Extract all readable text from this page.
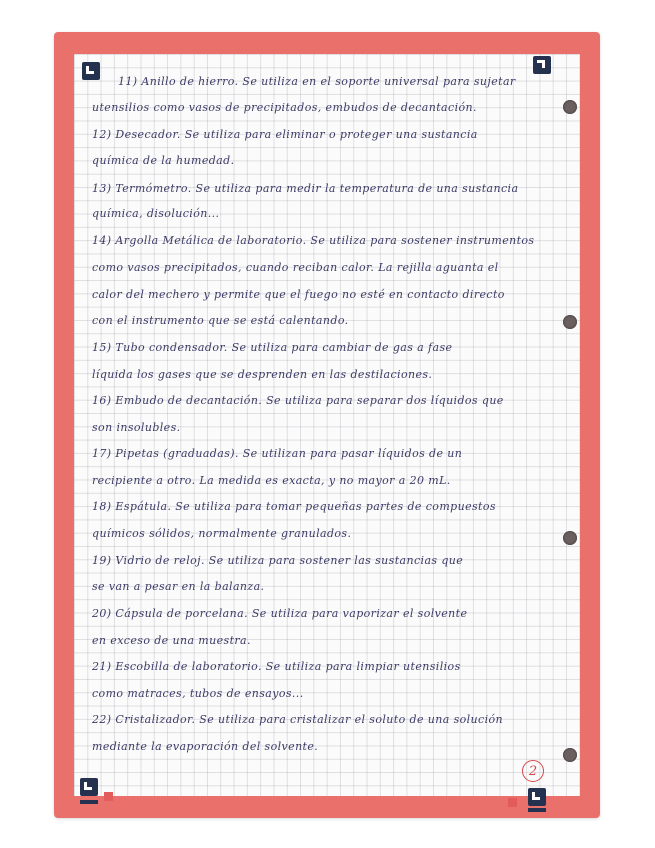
11) Anillo de hierro. Se utiliza en el soporte universal para sujetar
utensilios como vasos de precipitados, embudos de decantación.
12) Desecador. Se utiliza para eliminar o proteger una sustancia
química de la humedad.
13) Termómetro. Se utiliza para medir la temperatura de una sustancia
química, disolución...
14) Argolla Metálica de laboratorio. Se utiliza para sostener instrumentos
como vasos precipitados, cuando reciban calor. La rejilla aguanta el
calor del mechero y permite que el fuego no esté en contacto directo
con el instrumento que se está calentando.
15) Tubo condensador. Se utiliza para cambiar de gas a fase
líquida los gases que se desprenden en las destilaciones.
16) Embudo de decantación. Se utiliza para separar dos líquidos que
son insolubles.
17) Pipetas (graduadas). Se utilizan para pasar líquidos de un
recipiente a otro. La medida es exacta, y no mayor a 20 mL.
18) Espátula. Se utiliza para tomar pequeñas partes de compuestos
químicos sólidos, normalmente granulados.
19) Vidrio de reloj. Se utiliza para sostener las sustancias que
se van a pesar en la balanza.
20) Cápsula de porcelana. Se utiliza para vaporizar el solvente
en exceso de una muestra.
21) Escobilla de laboratorio. Se utiliza para limpiar utensilios
como matraces, tubos de ensayos...
22) Cristalizador. Se utiliza para cristalizar el soluto de una solución
mediante la evaporación del solvente.
2
